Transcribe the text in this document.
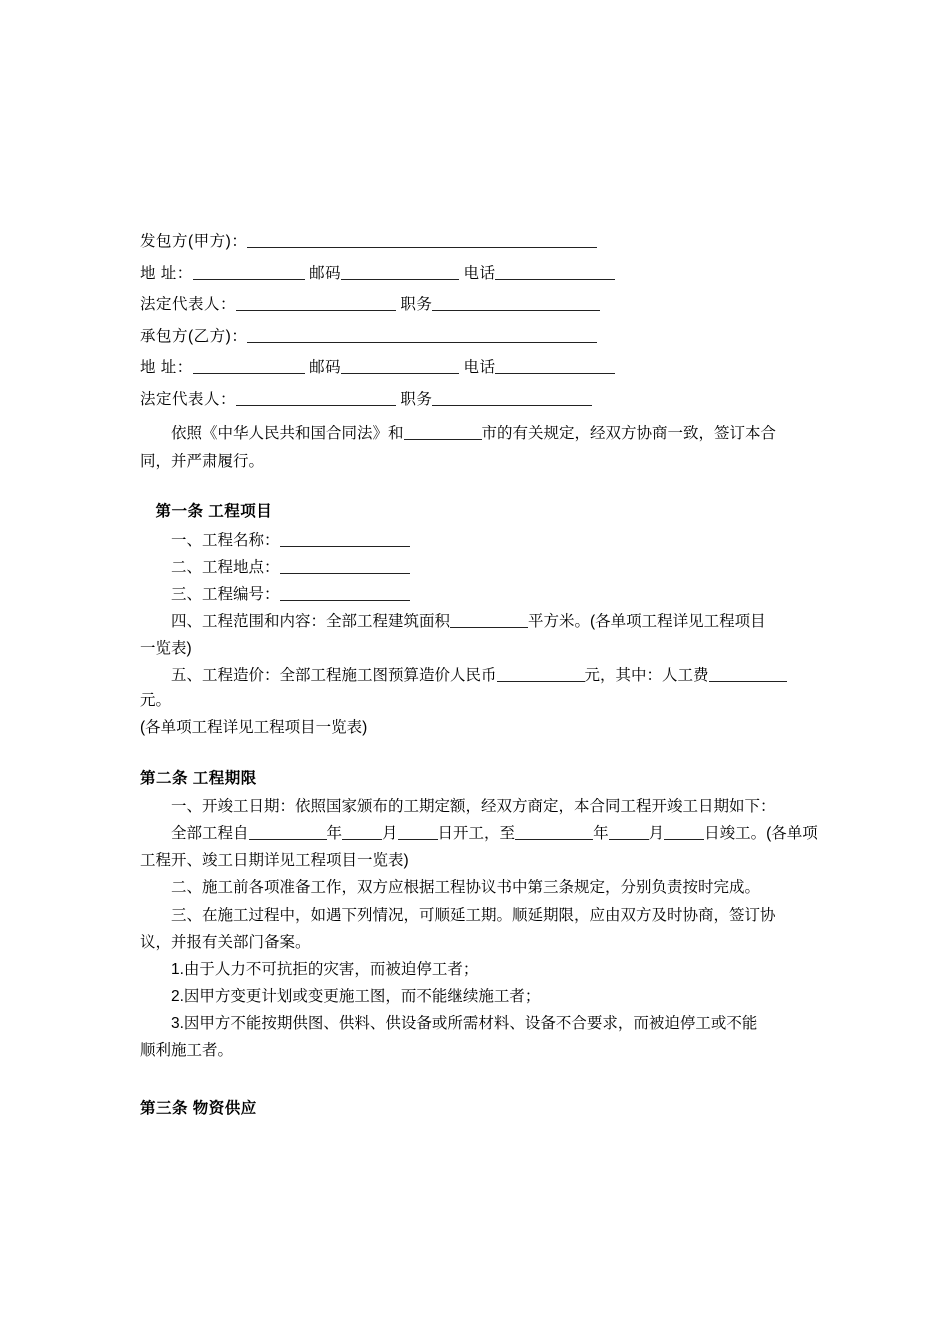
发包方(甲方)：
地 址：	邮码	电话
法定代表人：	职务
承包方(乙方)：
地 址：	邮码	电话
法定代表人：	职务
依照《中华人民共和国合同法》和	市的有关规定，经双方协商一致，签订本合
同，并严肃履行。
第一条 工程项目
一、工程名称：
二、工程地点：
三、工程编号：
四、工程范围和内容：全部工程建筑面积	平方米。(各单项工程详见工程项目
一览表)
五、工程造价：全部工程施工图预算造价人民币	元，其中：人工费元。
(各单项工程详见工程项目一览表)
第二条 工程期限
一、开竣工日期：依照国家颁布的工期定额，经双方商定，本合同工程开竣工日期如下：
全部工程自	年	月	日开工，至	年	月	日竣工。(各单项
工程开、竣工日期详见工程项目一览表)
二、施工前各项准备工作，双方应根据工程协议书中第三条规定，分别负责按时完成。
三、在施工过程中，如遇下列情况，可顺延工期。顺延期限，应由双方及时协商，签订协
议，并报有关部门备案。
1.由于人力不可抗拒的灾害，而被迫停工者；
2.因甲方变更计划或变更施工图，而不能继续施工者；
3.因甲方不能按期供图、供料、供设备或所需材料、设备不合要求，而被迫停工或不能
顺利施工者。
第三条 物资供应
